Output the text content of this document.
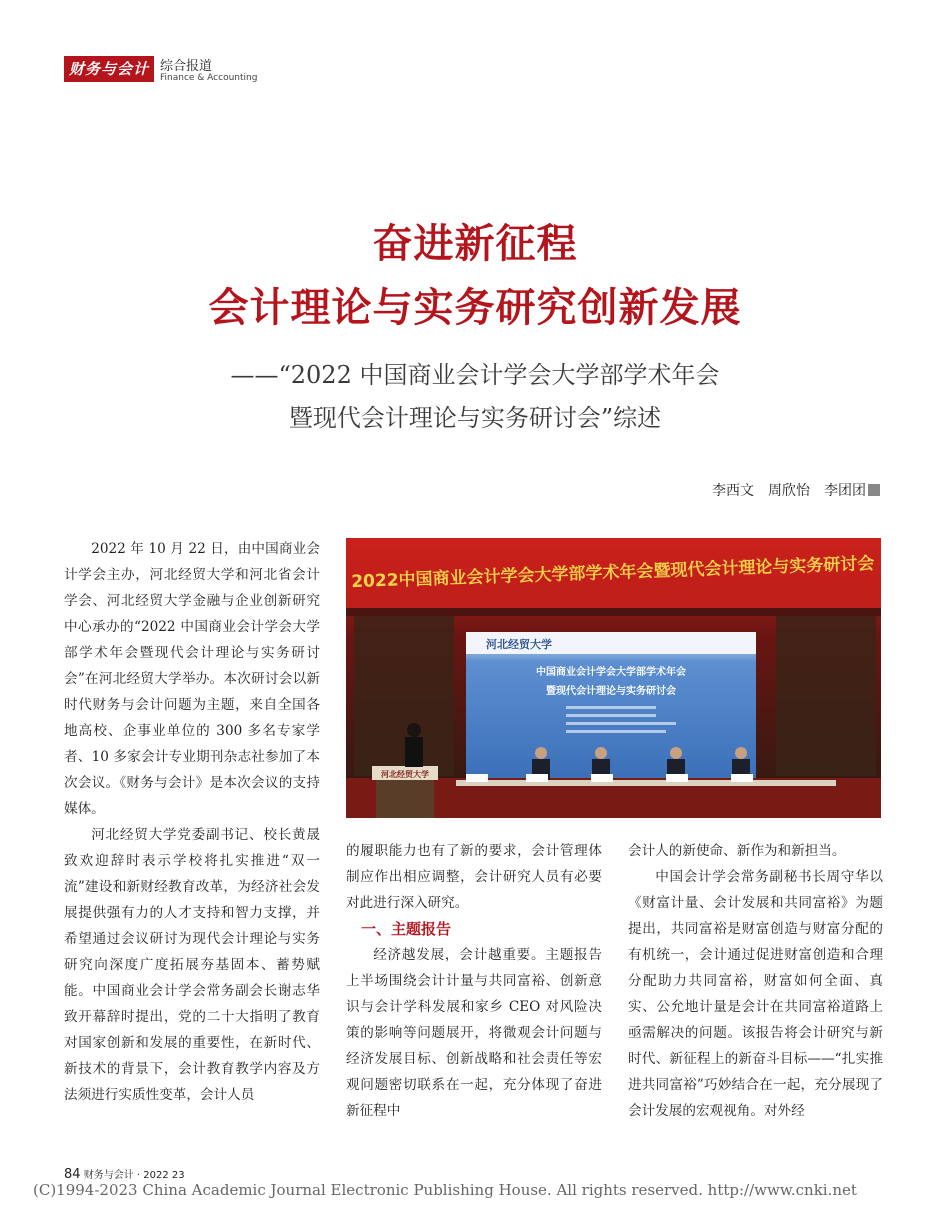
财务与会计 综合报道
Finance & Accounting
奋进新征程
会计理论与实务研究创新发展
——“2022 中国商业会计学会大学部学术年会
暨现代会计理论与实务研讨会”综述
李西文　周欣怡　李团团

2022 年 10 月 22 日，由中国商业会计学会主办，河北经贸大学和河北省会计学会、河北经贸大学金融与企业创新研究中心承办的“2022 中国商业会计学会大学部学术年会暨现代会计理论与实务研讨会”在河北经贸大学举办。本次研讨会以新时代财务与会计问题为主题，来自全国各地高校、企事业单位的 300 多名专家学者、10 多家会计专业期刊杂志社参加了本次会议。《财务与会计》是本次会议的支持媒体。

河北经贸大学党委副书记、校长黄晟致欢迎辞时表示学校将扎实推进“双一流”建设和新财经教育改革，为经济社会发展提供强有力的人才支持和智力支撑，并希望通过会议研讨为现代会计理论与实务研究向深度广度拓展夯基固本、蓄势赋能。中国商业会计学会常务副会长谢志华致开幕辞时提出，党的二十大指明了教育对国家创新和发展的重要性，在新时代、新技术的背景下，会计教育教学内容及方法须进行实质性变革，会计人员

2022中国商业会计学会大学部学术年会暨现代会计理论与实务研讨会
河北经贸大学
中国商业会计学会大学部学术年会
暨现代会计理论与实务研讨会
河北经贸大学

的履职能力也有了新的要求，会计管理体制应作出相应调整，会计研究人员有必要对此进行深入研究。

一、主题报告

经济越发展，会计越重要。主题报告上半场围绕会计计量与共同富裕、创新意识与会计学科发展和家乡 CEO 对风险决策的影响等问题展开，将微观会计问题与经济发展目标、创新战略和社会责任等宏观问题密切联系在一起，充分体现了奋进新征程中

会计人的新使命、新作为和新担当。

中国会计学会常务副秘书长周守华以《财富计量、会计发展和共同富裕》为题提出，共同富裕是财富创造与财富分配的有机统一，会计通过促进财富创造和合理分配助力共同富裕，财富如何全面、真实、公允地计量是会计在共同富裕道路上亟需解决的问题。该报告将会计研究与新时代、新征程上的新奋斗目标——“扎实推进共同富裕”巧妙结合在一起，充分展现了会计发展的宏观视角。对外经

84 财务与会计 · 2022 23
(C)1994-2023 China Academic Journal Electronic Publishing House. All rights reserved. http://www.cnki.net
